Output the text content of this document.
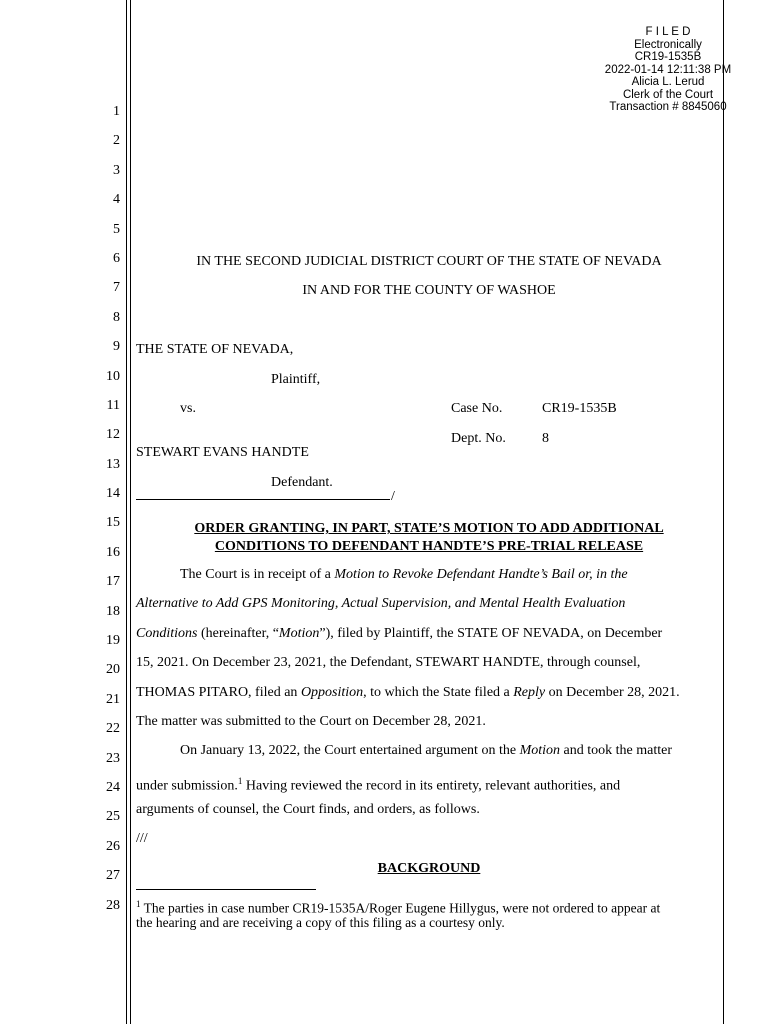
F I L E D
Electronically
CR19-1535B
2022-01-14 12:11:38 PM
Alicia L. Lerud
Clerk of the Court
Transaction # 8845060
1
2
3
4
5
6
7
8
9
10
11
12
13
14
15
16
17
18
19
20
21
22
23
24
25
26
27
28
IN THE SECOND JUDICIAL DISTRICT COURT OF THE STATE OF NEVADA
IN AND FOR THE COUNTY OF WASHOE
THE STATE OF NEVADA,
Plaintiff,
vs.	Case No.	CR19-1535B
Dept. No.	8
STEWART EVANS HANDTE
Defendant.
/
ORDER GRANTING, IN PART, STATE’S MOTION TO ADD ADDITIONAL
CONDITIONS TO DEFENDANT HANDTE’S PRE-TRIAL RELEASE
The Court is in receipt of a Motion to Revoke Defendant Handte’s Bail or, in the
Alternative to Add GPS Monitoring, Actual Supervision, and Mental Health Evaluation
Conditions (hereinafter, “Motion”), filed by Plaintiff, the STATE OF NEVADA, on December
15, 2021. On December 23, 2021, the Defendant, STEWART HANDTE, through counsel,
THOMAS PITARO, filed an Opposition, to which the State filed a Reply on December 28, 2021.
The matter was submitted to the Court on December 28, 2021.
On January 13, 2022, the Court entertained argument on the Motion and took the matter
under submission.$^1$ Having reviewed the record in its entirety, relevant authorities, and
arguments of counsel, the Court finds, and orders, as follows.
///
BACKGROUND
$^1$ The parties in case number CR19-1535A/Roger Eugene Hillygus, were not ordered to appear at
the hearing and are receiving a copy of this filing as a courtesy only.
